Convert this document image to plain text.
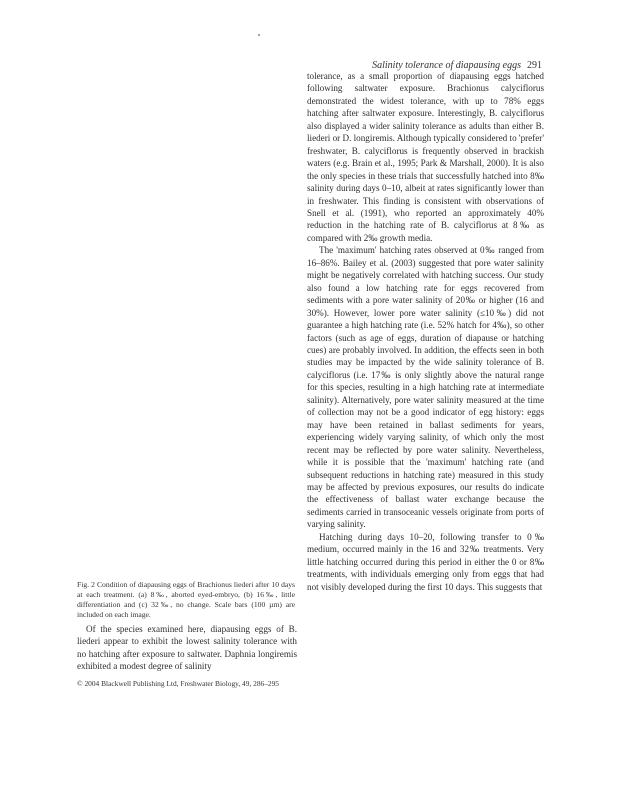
Salinity tolerance of diapausing eggs 291

tolerance, as a small proportion of diapausing eggs hatched following saltwater exposure. Brachionus calyciflorus demonstrated the widest tolerance, with up to 78% eggs hatching after saltwater exposure. Interestingly, B. calyciflorus also displayed a wider salinity tolerance as adults than either B. liederi or D. longiremis. Although typically considered to 'prefer' freshwater, B. calyciflorus is frequently observed in brackish waters (e.g. Brain et al., 1995; Park & Marshall, 2000). It is also the only species in these trials that successfully hatched into 8‰ salinity during days 0–10, albeit at rates significantly lower than in freshwater. This finding is consistent with observations of Snell et al. (1991), who reported an approximately 40% reduction in the hatching rate of B. calyciflorus at 8‰ as compared with 2‰ growth media.

The 'maximum' hatching rates observed at 0‰ ranged from 16–86%. Bailey et al. (2003) suggested that pore water salinity might be negatively correlated with hatching success. Our study also found a low hatching rate for eggs recovered from sediments with a pore water salinity of 20‰ or higher (16 and 30%). However, lower pore water salinity (≤10‰) did not guarantee a high hatching rate (i.e. 52% hatch for 4‰), so other factors (such as age of eggs, duration of diapause or hatching cues) are probably involved. In addition, the effects seen in both studies may be impacted by the wide salinity tolerance of B. calyciflorus (i.e. 17‰ is only slightly above the natural range for this species, resulting in a high hatching rate at intermediate salinity). Alternatively, pore water salinity measured at the time of collection may not be a good indicator of egg history: eggs may have been retained in ballast sediments for years, experiencing widely varying salinity, of which only the most recent may be reflected by pore water salinity. Nevertheless, while it is possible that the 'maximum' hatching rate (and subsequent reductions in hatching rate) measured in this study may be affected by previous exposures, our results do indicate the effectiveness of ballast water exchange because the sediments carried in transoceanic vessels originate from ports of varying salinity.

Hatching during days 10–20, following transfer to 0‰ medium, occurred mainly in the 16 and 32‰ treatments. Very little hatching occurred during this period in either the 0 or 8‰ treatments, with individuals emerging only from eggs that had not visibly developed during the first 10 days. This suggests that

Fig. 2 Condition of diapausing eggs of Brachionus liederi after 10 days at each treatment. (a) 8‰, aborted eyed-embryo, (b) 16‰, little differentiation and (c) 32‰, no change. Scale bars (100 µm) are included on each image.

Of the species examined here, diapausing eggs of B. liederi appear to exhibit the lowest salinity tolerance with no hatching after exposure to saltwater. Daphnia longiremis exhibited a modest degree of salinity

© 2004 Blackwell Publishing Ltd, Freshwater Biology, 49, 286–295
